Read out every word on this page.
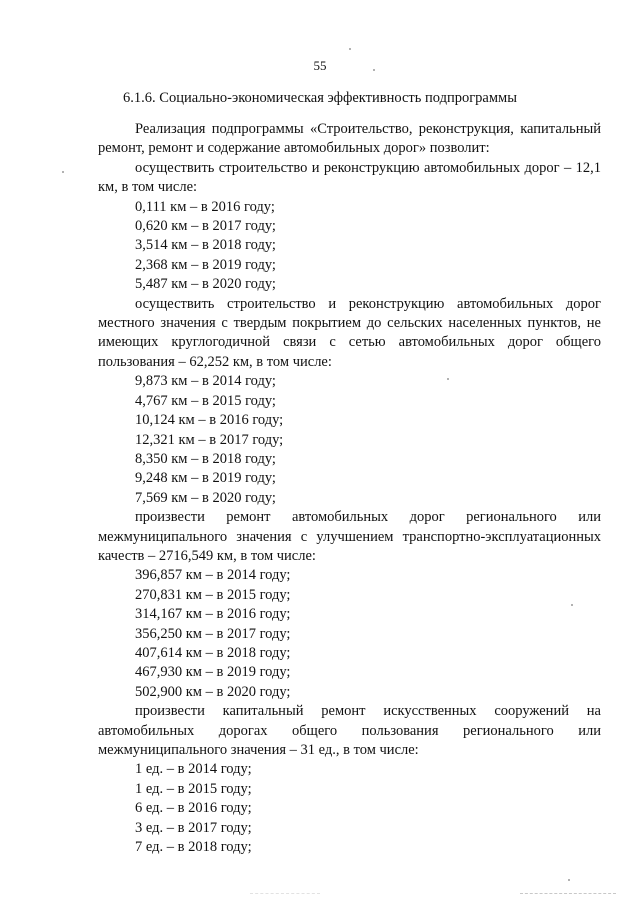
55
6.1.6. Социально-экономическая эффективность подпрограммы

Реализация подпрограммы «Строительство, реконструкция, капитальный ремонт, ремонт и содержание автомобильных дорог» позволит:

осуществить строительство и реконструкцию автомобильных дорог – 12,1 км, в том числе:

0,111 км – в 2016 году;

0,620 км – в 2017 году;

3,514 км – в 2018 году;

2,368 км – в 2019 году;

5,487 км – в 2020 году;

осуществить строительство и реконструкцию автомобильных дорог местного значения с твердым покрытием до сельских населенных пунктов, не имеющих круглогодичной связи с сетью автомобильных дорог общего пользования – 62,252 км, в том числе:

9,873 км – в 2014 году;

4,767 км – в 2015 году;

10,124 км – в 2016 году;

12,321 км – в 2017 году;

8,350 км – в 2018 году;

9,248 км – в 2019 году;

7,569 км – в 2020 году;

произвести ремонт автомобильных дорог регионального или межмуниципального значения с улучшением транспортно-эксплуатационных качеств – 2716,549 км, в том числе:

396,857 км – в 2014 году;

270,831 км – в 2015 году;

314,167 км – в 2016 году;

356,250 км – в 2017 году;

407,614 км – в 2018 году;

467,930 км – в 2019 году;

502,900 км – в 2020 году;

произвести капитальный ремонт искусственных сооружений на автомобильных дорогах общего пользования регионального или межмуниципального значения – 31 ед., в том числе:

1 ед. – в 2014 году;

1 ед. – в 2015 году;

6 ед. – в 2016 году;

3 ед. – в 2017 году;

7 ед. – в 2018 году;
